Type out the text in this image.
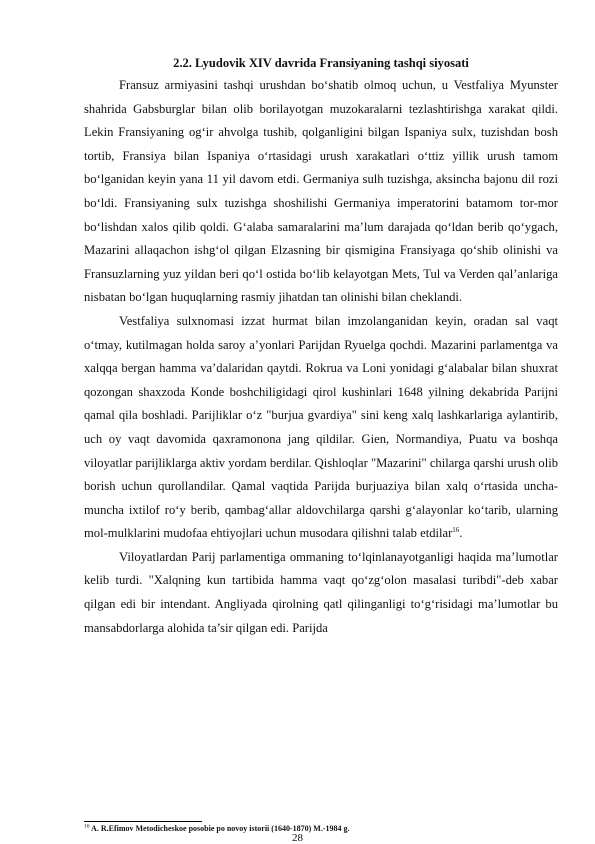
2.2. Lyudovik XIV davrida Fransiyaning tashqi siyosati

Fransuz armiyasini tashqi urushdan bo‘shatib olmoq uchun, u Vestfaliya Myunster shahrida Gabsburglar bilan olib borilayotgan muzokaralarni tezlashtirishga xarakat qildi. Lekin Fransiyaning og‘ir ahvolga tushib, qolganligini bilgan Ispaniya sulx, tuzishdan bosh tortib, Fransiya bilan Ispaniya o‘rtasidagi urush xarakatlari o‘ttiz yillik urush tamom bo‘lganidan keyin yana 11 yil davom etdi. Germaniya sulh tuzishga, aksincha bajonu dil rozi bo‘ldi. Fransiyaning sulx tuzishga shoshilishi Germaniya imperatorini batamom tor-mor bo‘lishdan xalos qilib qoldi. G‘alaba samaralarini ma’lum darajada qo‘ldan berib qo‘ygach, Mazarini allaqachon ishg‘ol qilgan Elzasning bir qismigina Fransiyaga qo‘shib olinishi va Fransuzlarning yuz yildan beri qo‘l ostida bo‘lib kelayotgan Mets, Tul va Verden qal’anlariga nisbatan bo‘lgan huquqlarning rasmiy jihatdan tan olinishi bilan cheklandi.

Vestfaliya sulxnomasi izzat hurmat bilan imzolanganidan keyin, oradan sal vaqt o‘tmay, kutilmagan holda saroy a’yonlari Parijdan Ryuelga qochdi. Mazarini parlamentga va xalqqa bergan hamma va’dalaridan qaytdi. Rokrua va Loni yonidagi g‘alabalar bilan shuxrat qozongan shaxzoda Konde boshchiligidagi qirol kushinlari 1648 yilning dekabrida Parijni qamal qila boshladi. Parijliklar o‘z "burjua gvardiya" sini keng xalq lashkarlariga aylantirib, uch oy vaqt davomida qaxramonona jang qildilar. Gien, Normandiya, Puatu va boshqa viloyatlar parijliklarga aktiv yordam berdilar. Qishloqlar "Mazarini" chilarga qarshi urush olib borish uchun qurollandilar. Qamal vaqtida Parijda burjuaziya bilan xalq o‘rtasida uncha- muncha ixtilof ro‘y berib, qambag‘allar aldovchilarga qarshi g‘alayonlar ko‘tarib, ularning mol-mulklarini mudofaa ehtiyojlari uchun musodara qilishni talab etdilar$^{16}$.

Viloyatlardan Parij parlamentiga ommaning to‘lqinlanayotganligi haqida ma’lumotlar kelib turdi. "Xalqning kun tartibida hamma vaqt qo‘zg‘olon masalasi turibdi"-deb xabar qilgan edi bir intendant. Angliyada qirolning qatl qilinganligi to‘g‘risidagi ma’lumotlar bu mansabdorlarga alohida ta’sir qilgan edi. Parijda

$^{16}$ A. R.Efimov Metodicheskoe posobie po novoy istorii (1640-1870) M.-1984 g.
28
